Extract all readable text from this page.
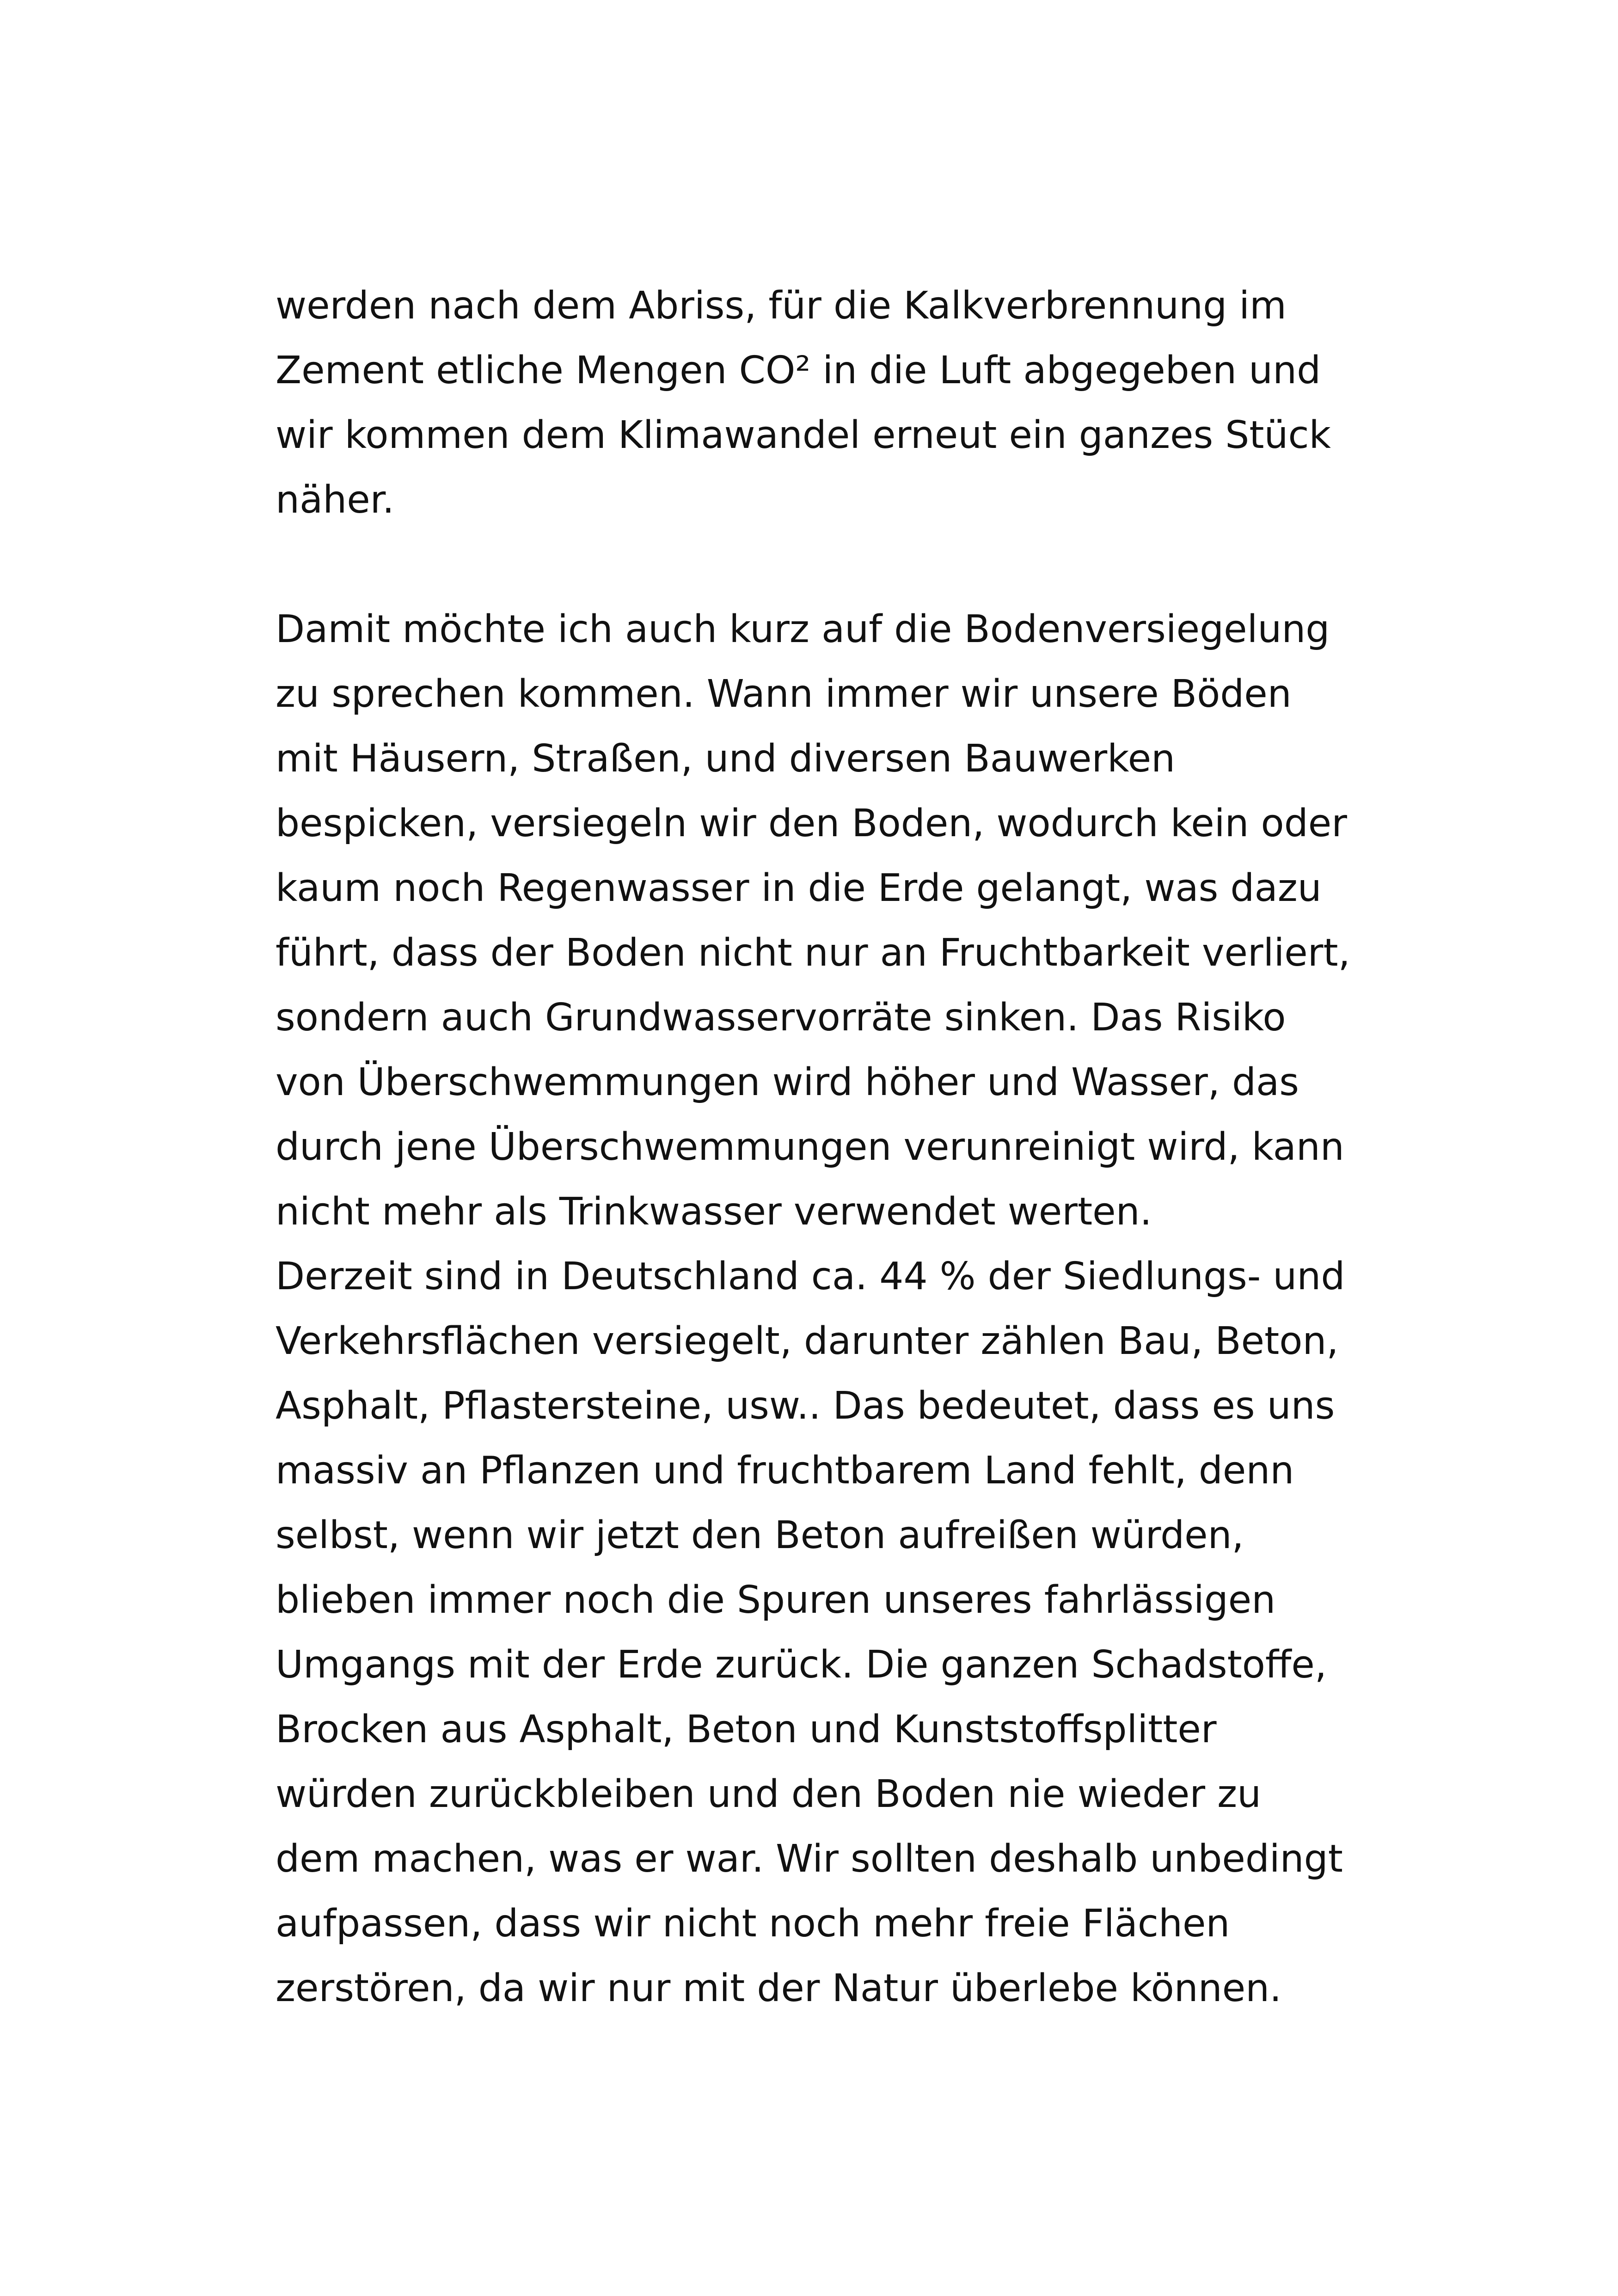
werden nach dem Abriss, für die Kalkverbrennung im
Zement etliche Mengen CO² in die Luft abgegeben und
wir kommen dem Klimawandel erneut ein ganzes Stück
näher.
Damit möchte ich auch kurz auf die Bodenversiegelung
zu sprechen kommen. Wann immer wir unsere Böden
mit Häusern, Straßen, und diversen Bauwerken
bespicken, versiegeln wir den Boden, wodurch kein oder
kaum noch Regenwasser in die Erde gelangt, was dazu
führt, dass der Boden nicht nur an Fruchtbarkeit verliert,
sondern auch Grundwasservorräte sinken. Das Risiko
von Überschwemmungen wird höher und Wasser, das
durch jene Überschwemmungen verunreinigt wird, kann
nicht mehr als Trinkwasser verwendet werten.
Derzeit sind in Deutschland ca. 44 % der Siedlungs- und
Verkehrsflächen versiegelt, darunter zählen Bau, Beton,
Asphalt, Pflastersteine, usw.. Das bedeutet, dass es uns
massiv an Pflanzen und fruchtbarem Land fehlt, denn
selbst, wenn wir jetzt den Beton aufreißen würden,
blieben immer noch die Spuren unseres fahrlässigen
Umgangs mit der Erde zurück. Die ganzen Schadstoffe,
Brocken aus Asphalt, Beton und Kunststoffsplitter
würden zurückbleiben und den Boden nie wieder zu
dem machen, was er war. Wir sollten deshalb unbedingt
aufpassen, dass wir nicht noch mehr freie Flächen
zerstören, da wir nur mit der Natur überlebe können.
